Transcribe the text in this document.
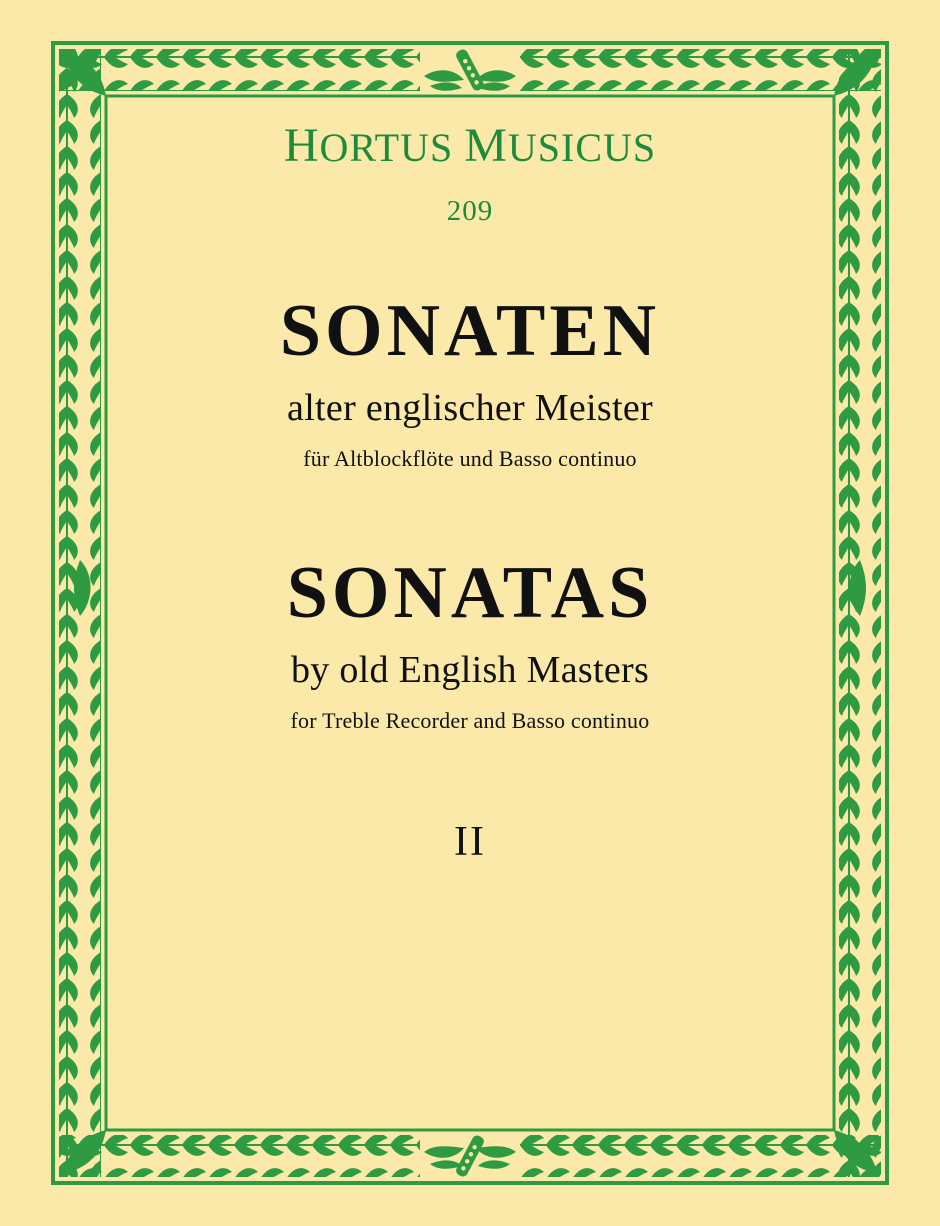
HORTUS MUSICUS
209
SONATEN
alter englischer Meister
für Altblockflöte und Basso continuo
SONATAS
by old English Masters
for Treble Recorder and Basso continuo
II
